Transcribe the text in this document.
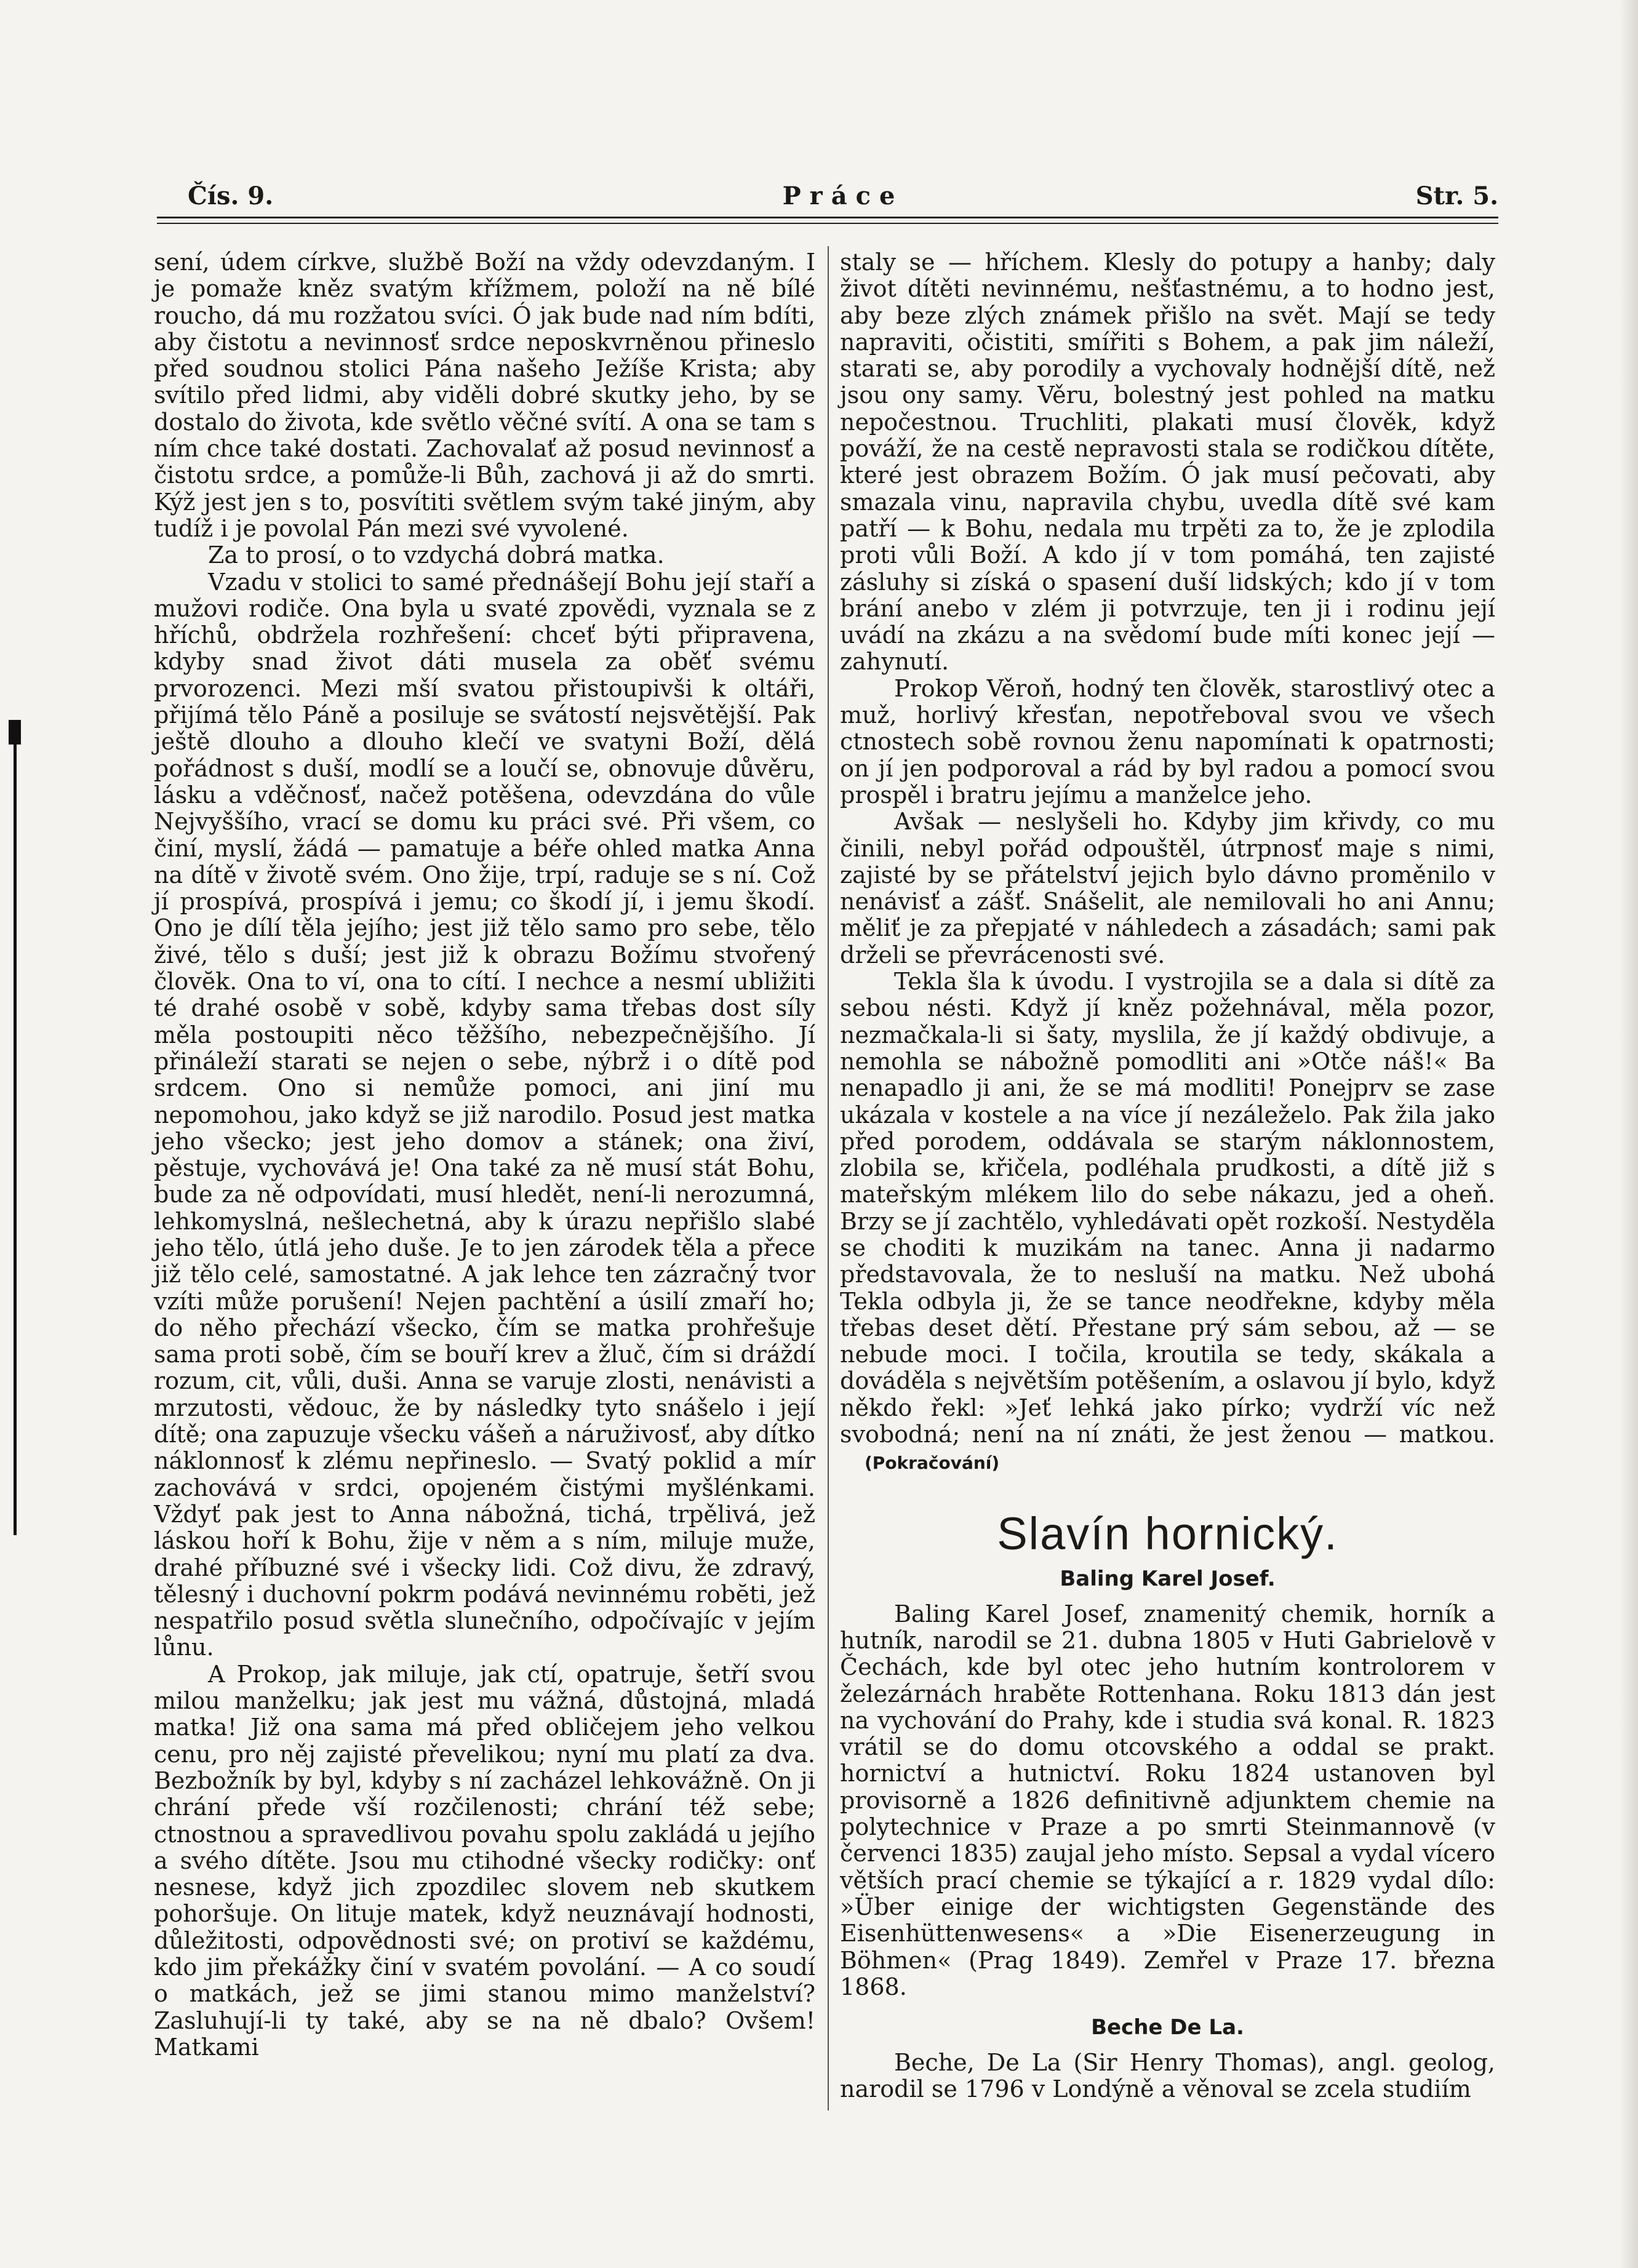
Práce
Čís. 9.	Str. 5.

sení, údem církve, službě Boží na vždy odevzdaným. I je pomaže kněz svatým křížmem, položí na ně bílé roucho, dá mu rozžatou svíci. Ó jak bude nad ním bdíti, aby čistotu a nevinnosť srdce neposkvrněnou přineslo před soudnou stolici Pána našeho Ježíše Krista; aby svítilo před lidmi, aby viděli dobré skutky jeho, by se dostalo do života, kde světlo věčné svítí. A ona se tam s ním chce také dostati. Zachovalať až posud nevinnosť a čistotu srdce, a pomůže-li Bůh, zachová ji až do smrti. Kýž jest jen s to, posvítiti světlem svým také jiným, aby tudíž i je povolal Pán mezi své vyvolené.

Za to prosí, o to vzdychá dobrá matka.

Vzadu v stolici to samé přednášejí Bohu její staří a mužovi rodiče. Ona byla u svaté zpovědi, vyznala se z hříchů, obdržela rozhřešení: chceť býti připravena, kdyby snad život dáti musela za oběť svému prvorozenci. Mezi mší svatou přistoupivši k oltáři, přijímá tělo Páně a posiluje se svátostí nejsvětější. Pak ještě dlouho a dlouho klečí ve svatyni Boží, dělá pořádnost s duší, modlí se a loučí se, obnovuje důvěru, lásku a vděčnosť, načež potěšena, odevzdána do vůle Nejvyššího, vrací se domu ku práci své. Při všem, co činí, myslí, žádá — pamatuje a béře ohled matka Anna na dítě v životě svém. Ono žije, trpí, raduje se s ní. Což jí prospívá, prospívá i jemu; co škodí jí, i jemu škodí. Ono je dílí těla jejího; jest již tělo samo pro sebe, tělo živé, tělo s duší; jest již k obrazu Božímu stvořený človĕk. Ona to ví, ona to cítí. I nechce a nesmí ubližiti té drahé osobě v sobě, kdyby sama třebas dost síly měla postoupiti něco těžšího, nebezpečnějšího. Jí přináleží starati se nejen o sebe, nýbrž i o dítě pod srdcem. Ono si nemůže pomoci, ani jiní mu nepomohou, jako když se již narodilo. Posud jest matka jeho všecko; jest jeho domov a stánek; ona živí, pěstuje, vychovává je! Ona také za ně musí stát Bohu, bude za ně odpovídati, musí hledět, není-li nerozumná, lehkomyslná, nešlechetná, aby k úrazu nepřišlo slabé jeho tělo, útlá jeho duše. Je to jen zárodek těla a přece již tělo celé, samostatné. A jak lehce ten zázračný tvor vzíti může porušení! Nejen pachtění a úsilí zmaří ho; do něho přechází všecko, čím se matka prohřešuje sama proti sobě, čím se bouří krev a žluč, čím si dráždí rozum, cit, vůli, duši. Anna se varuje zlosti, nenávisti a mrzutosti, vědouc, že by následky tyto snášelo i její dítě; ona zapuzuje všecku vášeň a náruživosť, aby dítko náklonnosť k zlému nepřineslo. — Svatý poklid a mír zachovává v srdci, opojeném čistými myšlénkami. Vždyť pak jest to Anna nábožná, tichá, trpělivá, jež láskou hoří k Bohu, žije v něm a s ním, miluje muže, drahé příbuzné své i všecky lidi. Což divu, že zdravý, tělesný i duchovní pokrm podává nevinnému robĕti, jež nespatřilo posud světla slunečního, odpočívajíc v jejím lůnu.

A Prokop, jak miluje, jak ctí, opatruje, šetří svou milou manželku; jak jest mu vážná, důstojná, mladá matka! Již ona sama má před obličejem jeho velkou cenu, pro něj zajisté převelikou; nyní mu platí za dva. Bezbožník by byl, kdyby s ní zacházel lehkovážně. On ji chrání přede vší rozčilenosti; chrání též sebe; ctnostnou a spravedlivou povahu spolu zakládá u jejího a svého dítěte. Jsou mu ctihodné všecky rodičky: onť nesnese, když jich zpozdilec slovem neb skutkem pohoršuje. On lituje matek, když neuznávají hodnosti, důležitosti, odpovědnosti své; on protiví se každému, kdo jim překážky činí v svatém povolání. — A co soudí o matkách, jež se jimi stanou mimo manželství? Zasluhují-li ty také, aby se na ně dbalo? Ovšem! Matkami

staly se — hříchem. Klesly do potupy a hanby; daly život dítěti nevinnému, nešťastnému, a to hodno jest, aby beze zlých známek přišlo na svět. Mají se tedy napraviti, očistiti, smířiti s Bohem, a pak jim náleží, starati se, aby porodily a vychovaly hodnější dítě, než jsou ony samy. Věru, bolestný jest pohled na matku nepočestnou. Truchliti, plakati musí člověk, když pováží, že na cestě nepravosti stala se rodičkou dítěte, které jest obrazem Božím. Ó jak musí pečovati, aby smazala vinu, napravila chybu, uvedla dítě své kam patří — k Bohu, nedala mu trpěti za to, že je zplodila proti vůli Boží. A kdo jí v tom pomáhá, ten zajisté zásluhy si získá o spasení duší lidských; kdo jí v tom brání anebo v zlém ji potvrzuje, ten ji i rodinu její uvádí na zkázu a na svědomí bude míti konec její — zahynutí.

Prokop Věroň, hodný ten člověk, starostlivý otec a muž, horlivý křesťan, nepotřeboval svou ve všech ctnostech sobě rovnou ženu napomínati k opatrnosti; on jí jen podporoval a rád by byl radou a pomocí svou prospěl i bratru jejímu a manželce jeho.

Avšak — neslyšeli ho. Kdyby jim křivdy, co mu činili, nebyl pořád odpouštěl, útrpnosť maje s nimi, zajisté by se přátelství jejich bylo dávno proměnilo v nenávisť a zášť. Snášelit, ale nemilovali ho ani Annu; měliť je za přepjaté v náhledech a zásadách; sami pak drželi se převrácenosti své.

Tekla šla k úvodu. I vystrojila se a dala si dítě za sebou nésti. Když jí kněz požehnával, měla pozor, nezmačkala-li si šaty, myslila, že jí každý obdivuje, a nemohla se nábožně pomodliti ani »Otče náš!« Ba nenapadlo ji ani, že se má modliti! Ponejprv se zase ukázala v kostele a na více jí nezáleželo. Pak žila jako před porodem, oddávala se starým náklonnostem, zlobila se, křičela, podléhala prudkosti, a dítě již s mateřským mlékem lilo do sebe nákazu, jed a oheň. Brzy se jí zachtělo, vyhledávati opět rozkoší. Nestyděla se choditi k muzikám na tanec. Anna ji nadarmo představovala, že to nesluší na matku. Než ubohá Tekla odbyla ji, že se tance neodřekne, kdyby měla třebas deset dětí. Přestane prý sám sebou, až — se nebude moci. I točila, kroutila se tedy, skákala a dováděla s největším potěšením, a oslavou jí bylo, když někdo řekl: »Jeť lehká jako pírko; vydrží víc než svobodná; není na ní znáti, že jest ženou — matkou.(Pokračování)

Slavín hornický.
Baling Karel Josef.

Baling Karel Josef, znamenitý chemik, horník a hutník, narodil se 21. dubna 1805 v Huti Gabrielově v Čechách, kde byl otec jeho hutním kontrolorem v železárnách hraběte Rottenhana. Roku 1813 dán jest na vychování do Prahy, kde i studia svá konal. R. 1823 vrátil se do domu otcovského a oddal se prakt. hornictví a hutnictví. Roku 1824 ustanoven byl provisorně a 1826 definitivně adjunktem chemie na polytechnice v Praze a po smrti Steinmannově (v červenci 1835) zaujal jeho místo. Sepsal a vydal vícero větších prací chemie se týkající a r. 1829 vydal dílo: »Über einige der wichtigsten Gegenstände des Eisenhüttenwesens« a »Die Eisenerzeugung in Böhmen« (Prag 1849). Zemřel v Praze 17. března 1868.

Beche De La.

Beche, De La (Sir Henry Thomas), angl. geolog, narodil se 1796 v Londýně a věnoval se zcela studiím
